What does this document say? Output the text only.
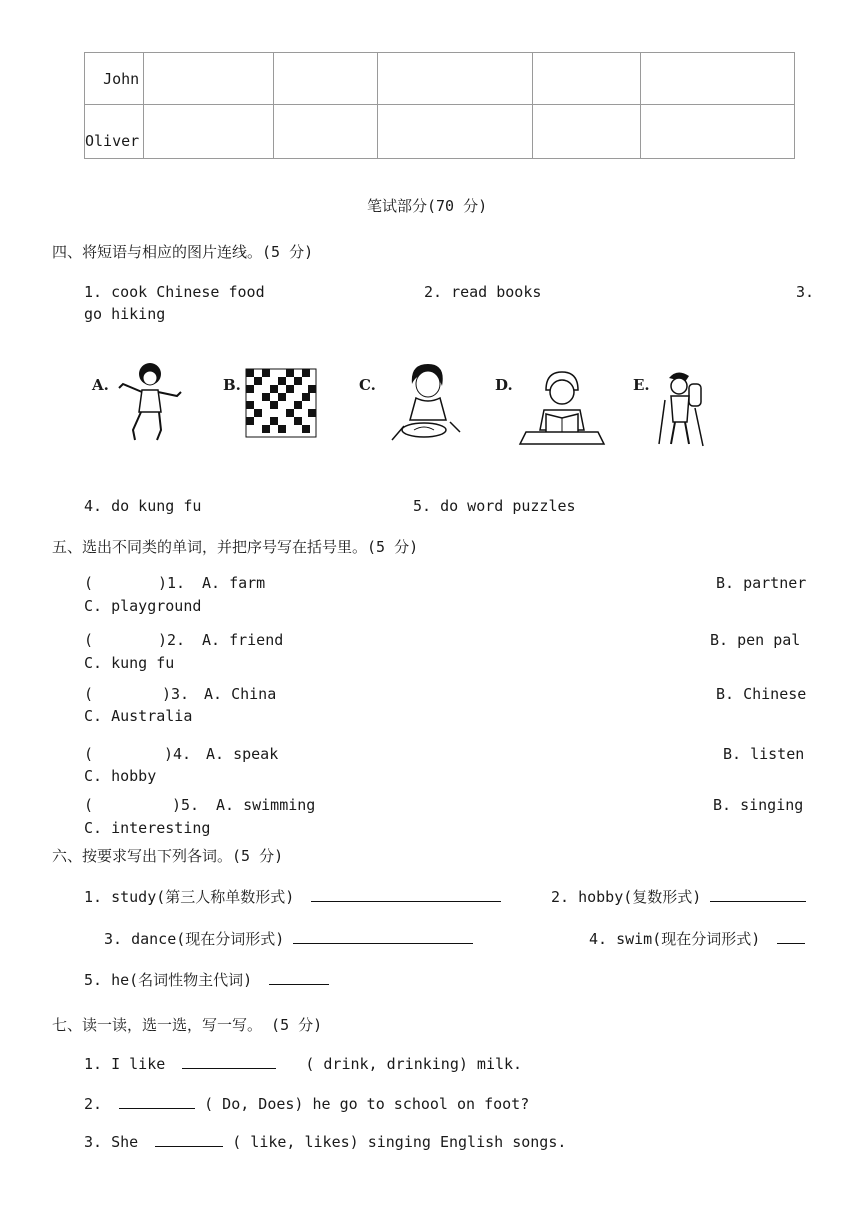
John					
Oliver					
笔试部分(70 分)
四、将短语与相应的图片连线。(5 分)
1. cook Chinese food	2. read books	3.
go hiking
A.	B.	C.	D.	E.
4. do kung fu	5. do word puzzles
五、选出不同类的单词，并把序号写在括号里。(5 分)
(	)1. A. farm	B. partner
C. playground
(	)2. A. friend	B. pen pal
C. kung fu
(	)3. A. China	B. Chinese
C. Australia
(	)4. A. speak	B. listen
C. hobby
(	)5. A. swimming	B. singing
C. interesting
六、按要求写出下列各词。(5 分)
1. study(第三人称单数形式)	2. hobby(复数形式)
3. dance(现在分词形式)	4. swim(现在分词形式)
5. he(名词性物主代词)
七、读一读，选一选，写一写。 (5 分)
1. I like	( drink, drinking) milk.
2.	( Do, Does) he go to school on foot?
3. She	( like, likes) singing English songs.
